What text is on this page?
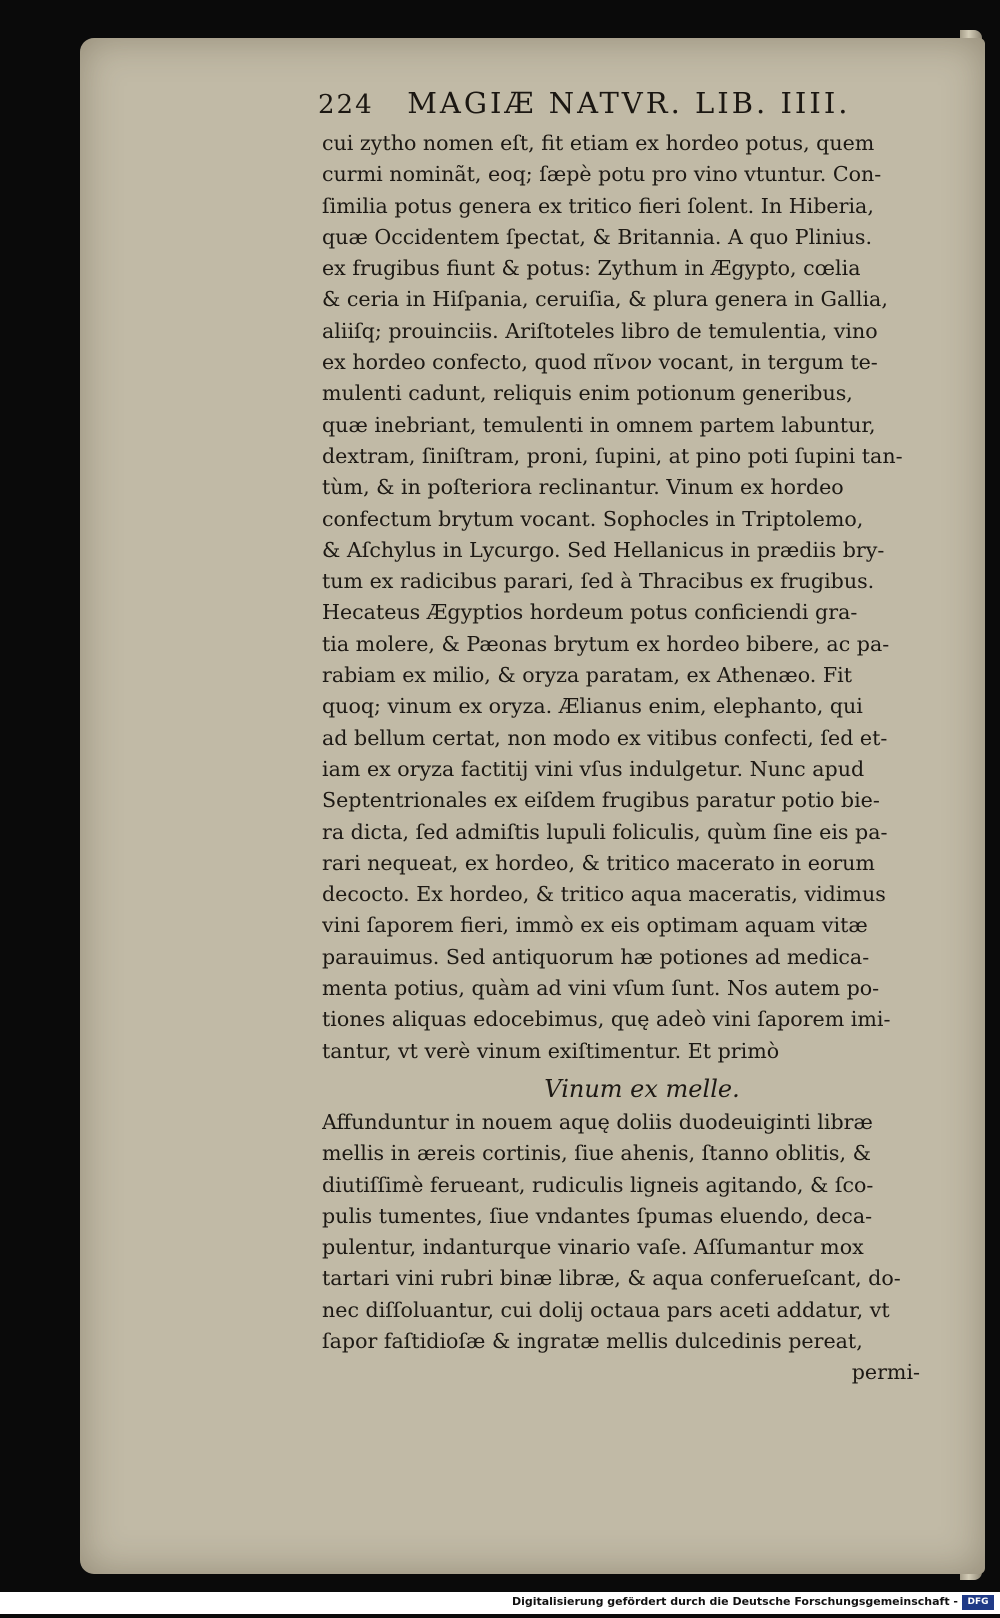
224 MAGIÆ NATVR. LIB. IIII.
cui zytho nomen eſt, fit etiam ex hordeo potus, quem
curmi nominãt, eoq; ſæpè potu pro vino vtuntur. Con-
ſimilia potus genera ex tritico fieri ſolent. In Hiberia,
quæ Occidentem ſpectat, & Britannia. A quo Plinius.
ex frugibus fiunt & potus: Zythum in Ægypto, cœlia
& ceria in Hiſpania, ceruiſia, & plura genera in Gallia,
aliiſq; prouinciis. Ariſtoteles libro de temulentia, vino
ex hordeo confecto, quod πῖνον vocant, in tergum te-
mulenti cadunt, reliquis enim potionum generibus,
quæ inebriant, temulenti in omnem partem labuntur,
dextram, ſiniſtram, proni, ſupini, at pino poti ſupini tan-
tùm, & in poſteriora reclinantur. Vinum ex hordeo
confectum brytum vocant. Sophocles in Triptolemo,
& Aſchylus in Lycurgo. Sed Hellanicus in prædiis bry-
tum ex radicibus parari, ſed à Thracibus ex frugibus.
Hecateus Ægyptios hordeum potus conficiendi gra-
tia molere, & Pæonas brytum ex hordeo bibere, ac pa-
rabiam ex milio, & oryza paratam, ex Athenæo. Fit
quoq; vinum ex oryza. Ælianus enim, elephanto, qui
ad bellum certat, non modo ex vitibus confecti, ſed et-
iam ex oryza factitij vini vſus indulgetur. Nunc apud
Septentrionales ex eiſdem frugibus paratur potio bie-
ra dicta, ſed admiſtis lupuli foliculis, quùm ſine eis pa-
rari nequeat, ex hordeo, & tritico macerato in eorum
decocto. Ex hordeo, & tritico aqua maceratis, vidimus
vini ſaporem fieri, immò ex eis optimam aquam vitæ
parauimus. Sed antiquorum hæ potiones ad medica-
menta potius, quàm ad vini vſum ſunt. Nos autem po-
tiones aliquas edocebimus, quę adeò vini ſaporem imi-
tantur, vt verè vinum exiſtimentur. Et primò
Vinum ex melle.
Affunduntur in nouem aquę doliis duodeuiginti libræ
mellis in æreis cortinis, ſiue ahenis, ſtanno oblitis, &
diutiſſimè ferueant, rudiculis ligneis agitando, & ſco-
pulis tumentes, ſiue vndantes ſpumas eluendo, deca-
pulentur, indanturque vinario vaſe. Aſſumantur mox
tartari vini rubri binæ libræ, & aqua conferueſcant, do-
nec diſſoluantur, cui dolij octaua pars aceti addatur, vt
ſapor faſtidioſæ & ingratæ mellis dulcedinis pereat,
permi-
Digitalisierung gefördert durch die Deutsche Forschungsgemeinschaft -	DFG
